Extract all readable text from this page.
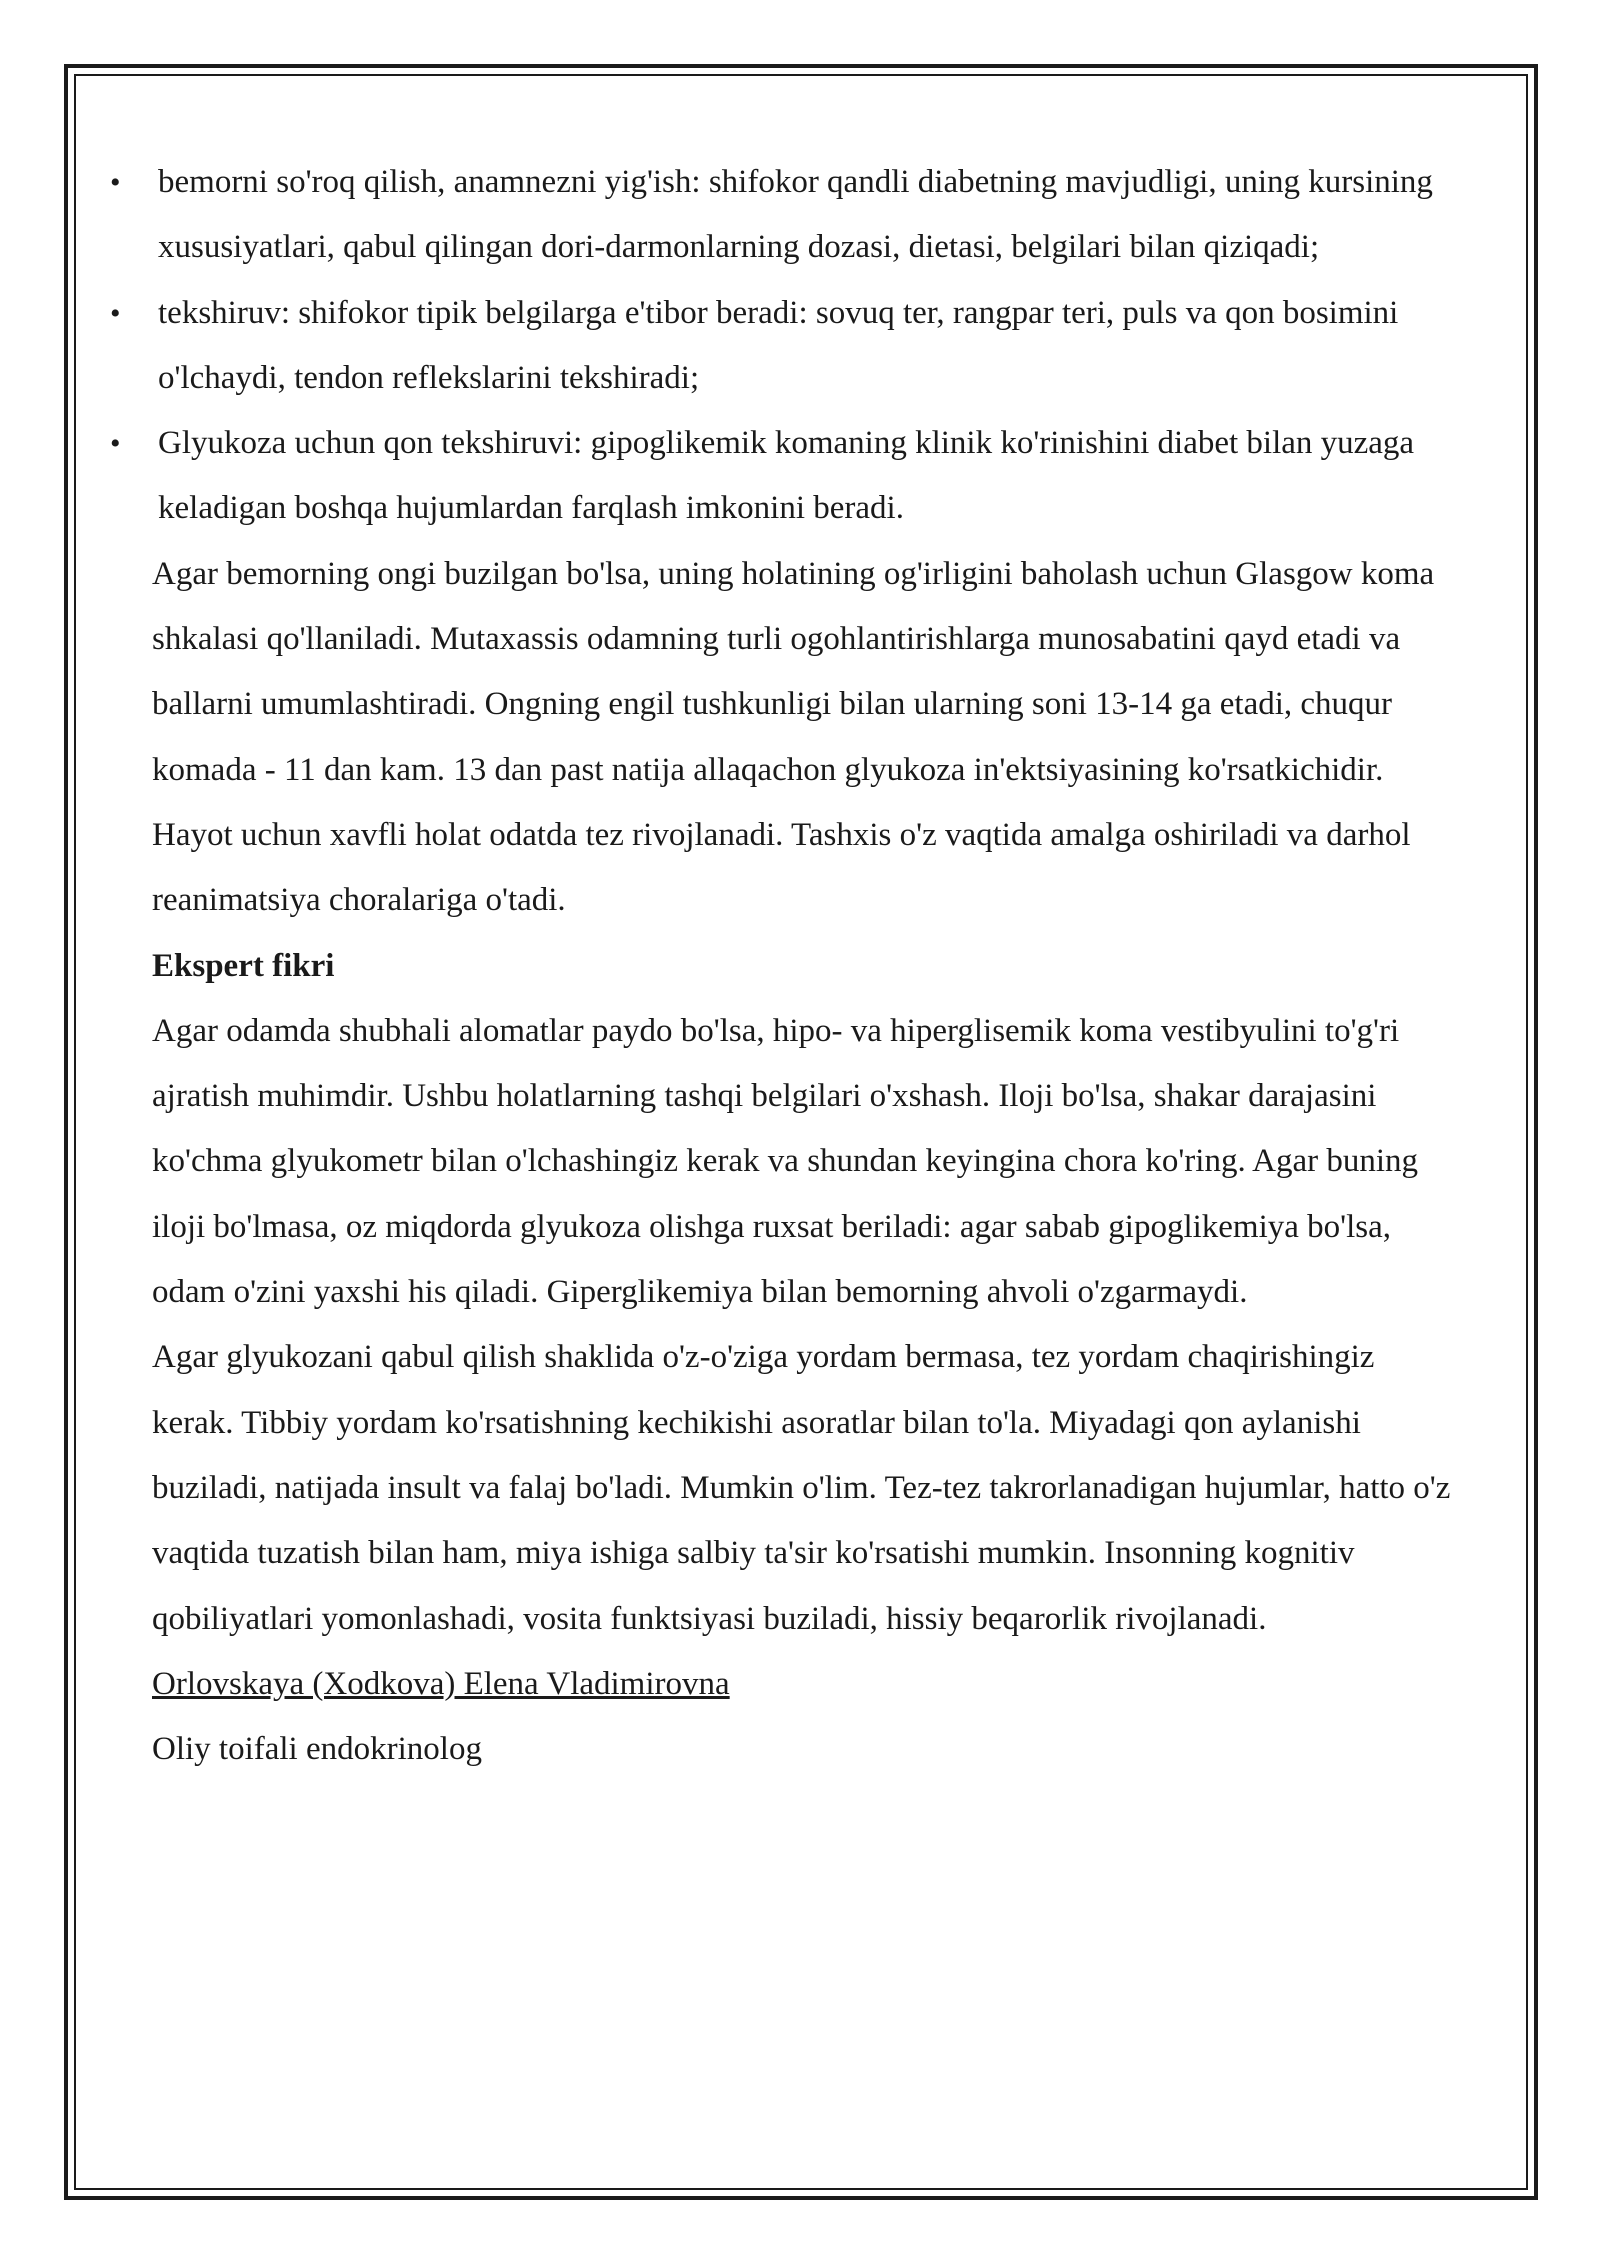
• bemorni so'roq qilish, anamnezni yig'ish: shifokor qandli diabetning mavjudligi, uning kursining xususiyatlari, qabul qilingan dori-darmonlarning dozasi, dietasi, belgilari bilan qiziqadi;
• tekshiruv: shifokor tipik belgilarga e'tibor beradi: sovuq ter, rangpar teri, puls va qon bosimini o'lchaydi, tendon reflekslarini tekshiradi;
• Glyukoza uchun qon tekshiruvi: gipoglikemik komaning klinik ko'rinishini diabet bilan yuzaga keladigan boshqa hujumlardan farqlash imkonini beradi.

Agar bemorning ongi buzilgan bo'lsa, uning holatining og'irligini baholash uchun Glasgow koma shkalasi qo'llaniladi. Mutaxassis odamning turli ogohlantirishlarga munosabatini qayd etadi va ballarni umumlashtiradi. Ongning engil tushkunligi bilan ularning soni 13-14 ga etadi, chuqur komada - 11 dan kam. 13 dan past natija allaqachon glyukoza in'ektsiyasining ko'rsatkichidir.

Hayot uchun xavfli holat odatda tez rivojlanadi. Tashxis o'z vaqtida amalga oshiriladi va darhol reanimatsiya choralariga o'tadi.

Ekspert fikri

Agar odamda shubhali alomatlar paydo bo'lsa, hipo- va hiperglisemik koma vestibyulini to'g'ri ajratish muhimdir. Ushbu holatlarning tashqi belgilari o'xshash. Iloji bo'lsa, shakar darajasini ko'chma glyukometr bilan o'lchashingiz kerak va shundan keyingina chora ko'ring. Agar buning iloji bo'lmasa, oz miqdorda glyukoza olishga ruxsat beriladi: agar sabab gipoglikemiya bo'lsa, odam o'zini yaxshi his qiladi. Giperglikemiya bilan bemorning ahvoli o'zgarmaydi.

Agar glyukozani qabul qilish shaklida o'z-o'ziga yordam bermasa, tez yordam chaqirishingiz kerak. Tibbiy yordam ko'rsatishning kechikishi asoratlar bilan to'la. Miyadagi qon aylanishi buziladi, natijada insult va falaj bo'ladi. Mumkin o'lim. Tez-tez takrorlanadigan hujumlar, hatto o'z vaqtida tuzatish bilan ham, miya ishiga salbiy ta'sir ko'rsatishi mumkin. Insonning kognitiv qobiliyatlari yomonlashadi, vosita funktsiyasi buziladi, hissiy beqarorlik rivojlanadi.

Orlovskaya (Xodkova) Elena Vladimirovna

Oliy toifali endokrinolog
